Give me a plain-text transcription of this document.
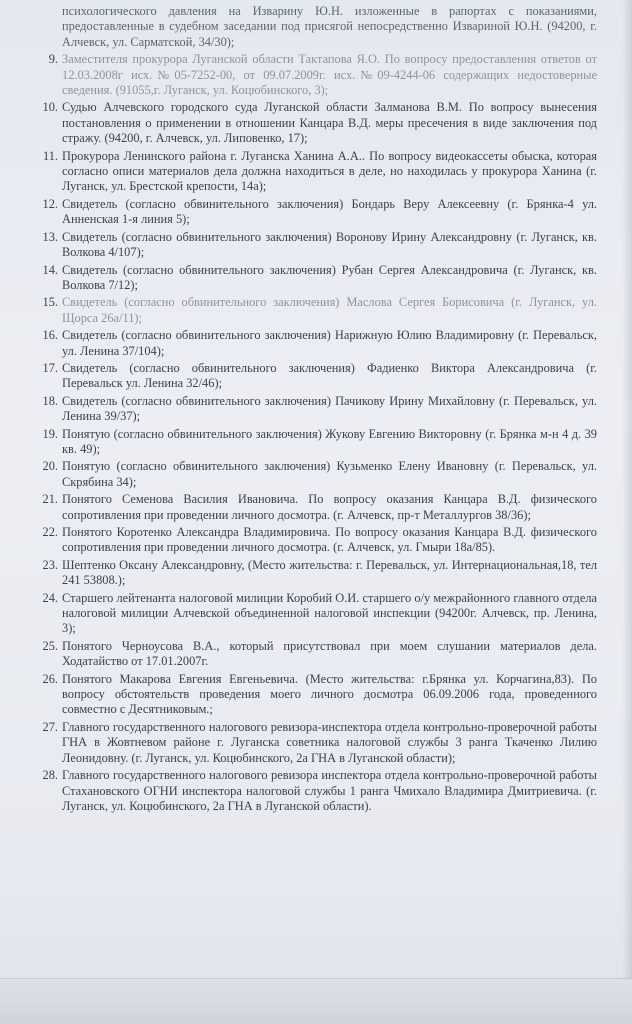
психологического давления на Изварину Ю.Н. изложенные в рапортах с показаниями, предоставленные в судебном заседании под присягой непосредственно Извариной Ю.Н. (94200, г. Алчевск, ул. Сарматской, 34/30);
9. Заместителя прокурора Луганской области Тактапова Я.О. По вопросу предоставления ответов от 12.03.2008г исх.№05-7252-00, от 09.07.2009г. исх.№09-4244-06 содержащих недостоверные сведения. (91055,г. Луганск, ул. Коцюбинского, 3);
10. Судью Алчевского городского суда Луганской области Залманова В.М. По вопросу вынесения постановления о применении в отношении Канцара В.Д. меры пресечения в виде заключения под стражу. (94200, г. Алчевск, ул. Липовенко, 17);
11. Прокурора Ленинского района г. Луганска Ханина А.А.. По вопросу видеокассеты обыска, которая согласно описи материалов дела должна находиться в деле, но находилась у прокурора Ханина (г. Луганск, ул. Брестской крепости, 14а);
12. Свидетель (согласно обвинительного заключения) Бондарь Веру Алексеевну (г. Брянка-4 ул. Анненская 1-я линия 5);
13. Свидетель (согласно обвинительного заключения) Воронову Ирину Александровну (г. Луганск, кв. Волкова 4/107);
14. Свидетель (согласно обвинительного заключения) Рубан Сергея Александровича (г. Луганск, кв. Волкова 7/12);
15. Свидетель (согласно обвинительного заключения) Маслова Сергея Борисовича (г. Луганск, ул. Щорса 26а/11);
16. Свидетель (согласно обвинительного заключения) Нарижную Юлию Владимировну (г. Перевальск, ул. Ленина 37/104);
17. Свидетель (согласно обвинительного заключения) Фадиенко Виктора Александровича (г. Перевальск ул. Ленина 32/46);
18. Свидетель (согласно обвинительного заключения) Пачикову Ирину Михайловну (г. Перевальск, ул. Ленина 39/37);
19. Понятую (согласно обвинительного заключения) Жукову Евгению Викторовну (г. Брянка м-н 4 д. 39 кв. 49);
20. Понятую (согласно обвинительного заключения) Кузьменко Елену Ивановну (г. Перевальск, ул. Скрябина 34);
21. Понятого Семенова Василия Ивановича. По вопросу оказания Канцара В.Д. физического сопротивления при проведении личного досмотра. (г. Алчевск, пр-т Металлургов 38/36);
22. Понятого Коротенко Александра Владимировича. По вопросу оказания Канцара В.Д. физического сопротивления при проведении личного досмотра. (г. Алчевск, ул. Гмыри 18а/85).
23. Шептенко Оксану Александровну, (Место жительства: г. Перевальск, ул. Интернациональная,18, тел 241 53808.);
24. Старшего лейтенанта налоговой милиции Коробий О.И. старшего о/у межрайонного главного отдела налоговой милиции Алчевской объединенной налоговой инспекции (94200г. Алчевск, пр. Ленина, 3);
25. Понятого Черноусова В.А., который присутствовал при моем слушании материалов дела. Ходатайство от 17.01.2007г.
26. Понятого Макарова Евгения Евгеньевича. (Место жительства: г.Брянка ул. Корчагина,83). По вопросу обстоятельств проведения моего личного досмотра 06.09.2006 года, проведенного совместно с Десятниковым.;
27. Главного государственного налогового ревизора-инспектора отдела контрольно-проверочной работы ГНА в Жовтневом районе г. Луганска советника налоговой службы 3 ранга Ткаченко Лилию Леонидовну. (г. Луганск, ул. Коцюбинского, 2а ГНА в Луганской области);
28. Главного государственного налогового ревизора инспектора отдела контрольно-проверочной работы Стахановского ОГНИ инспектора налоговой службы 1 ранга Чмихало Владимира Дмитриевича. (г. Луганск, ул. Коцюбинского, 2а ГНА в Луганской области).
